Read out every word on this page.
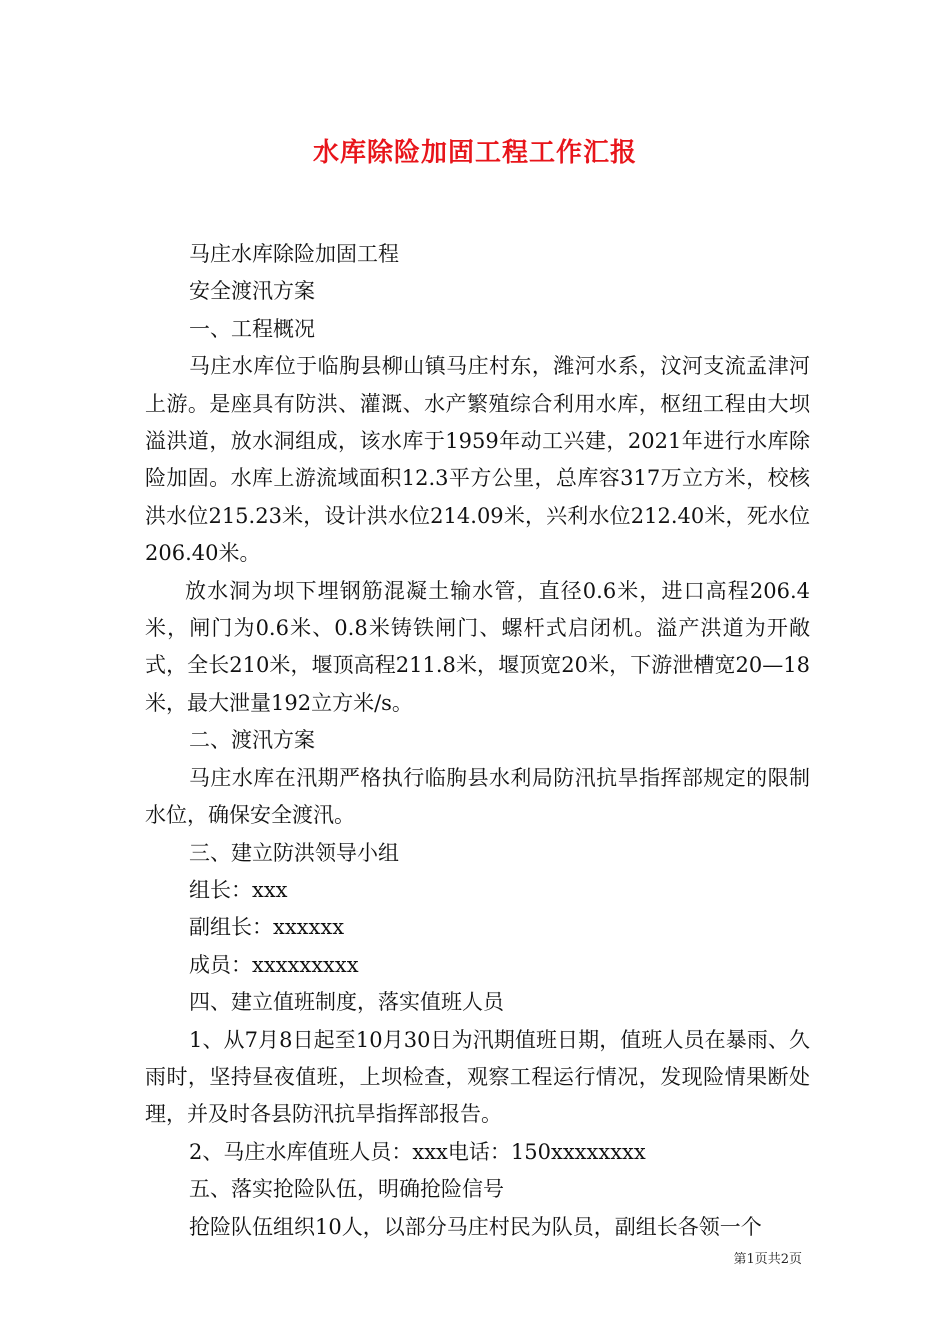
水库除险加固工程工作汇报

马庄水库除险加固工程

安全渡汛方案

一、工程概况

马庄水库位于临朐县柳山镇马庄村东，潍河水系，汶河支流孟津河上游。是座具有防洪、灌溉、水产繁殖综合利用水库，枢纽工程由大坝溢洪道，放水洞组成，该水库于1959年动工兴建，2021年进行水库除险加固。水库上游流域面积12.3平方公里，总库容317万立方米，校核洪水位215.23米，设计洪水位214.09米，兴利水位212.40米，死水位206.40米。

放水洞为坝下埋钢筋混凝土输水管，直径0.6米，进口高程206.4米，闸门为0.6米、0.8米铸铁闸门、螺杆式启闭机。溢产洪道为开敞式，全长210米，堰顶高程211.8米，堰顶宽20米，下游泄槽宽20—18米，最大泄量192立方米/s。

二、渡汛方案

马庄水库在汛期严格执行临朐县水利局防汛抗旱指挥部规定的限制水位，确保安全渡汛。

三、建立防洪领导小组

组长：xxx

副组长：xxxxxx

成员：xxxxxxxxx

四、建立值班制度，落实值班人员

1、从7月8日起至10月30日为汛期值班日期，值班人员在暴雨、久雨时，坚持昼夜值班，上坝检查，观察工程运行情况，发现险情果断处理，并及时各县防汛抗旱指挥部报告。

2、马庄水库值班人员：xxx电话：150xxxxxxxx

五、落实抢险队伍，明确抢险信号

抢险队伍组织10人，以部分马庄村民为队员，副组长各领一个

第1页共2页
